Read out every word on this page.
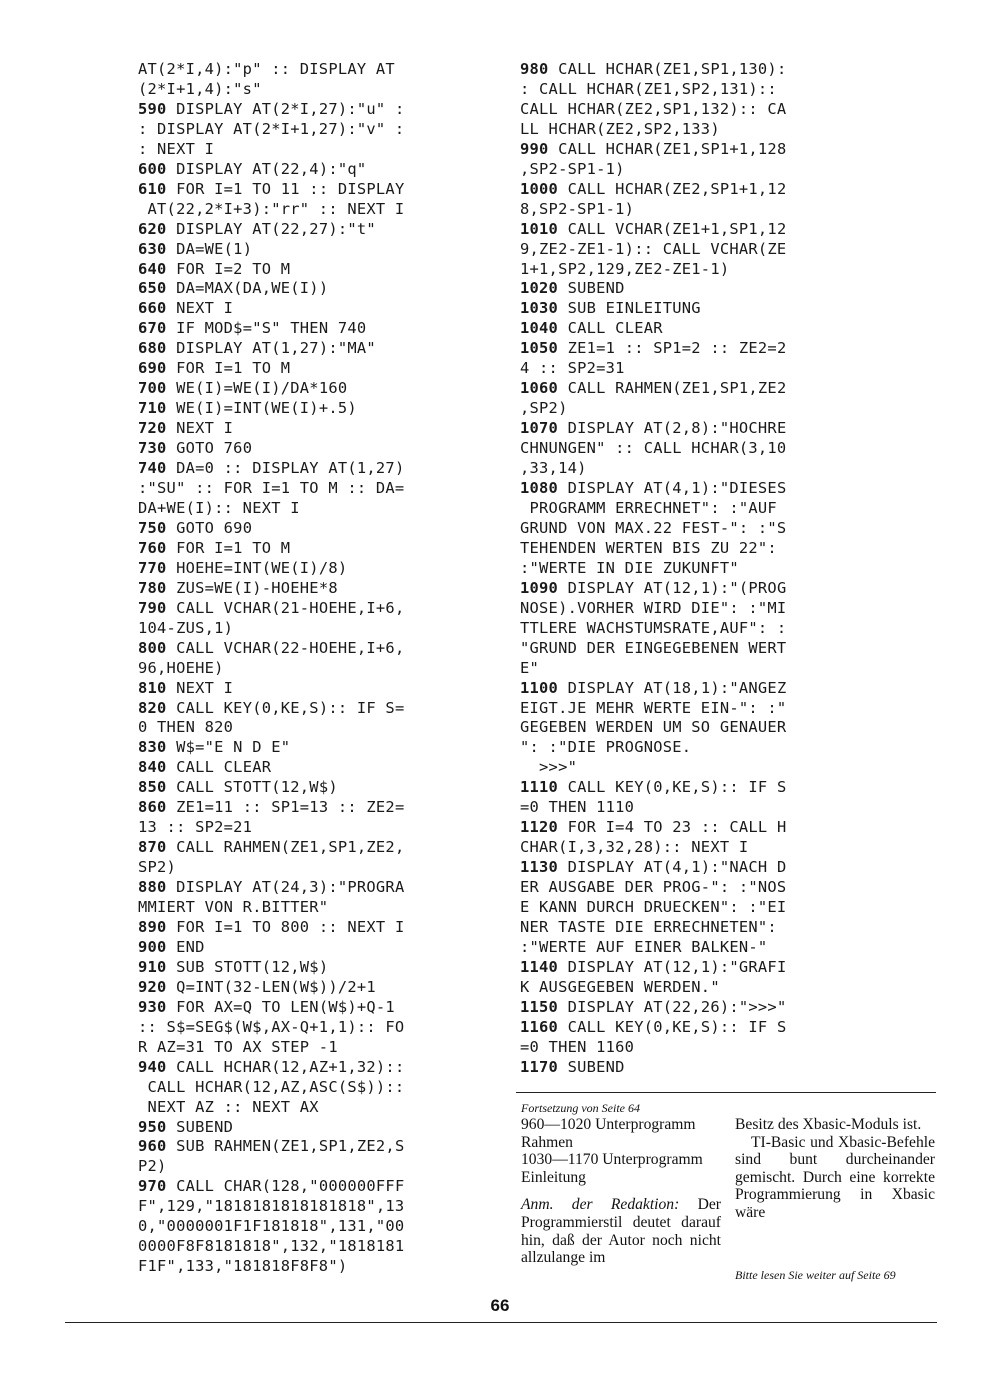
AT(2*I,4):"p" :: DISPLAY AT
(2*I+1,4):"s"
590 DISPLAY AT(2*I,27):"u" :
: DISPLAY AT(2*I+1,27):"v" :
: NEXT I
600 DISPLAY AT(22,4):"q"
610 FOR I=1 TO 11 :: DISPLAY
AT(22,2*I+3):"rr" :: NEXT I
620 DISPLAY AT(22,27):"t"
630 DA=WE(1)
640 FOR I=2 TO M
650 DA=MAX(DA,WE(I))
660 NEXT I
670 IF MOD$="S" THEN 740
680 DISPLAY AT(1,27):"MA"
690 FOR I=1 TO M
700 WE(I)=WE(I)/DA*160
710 WE(I)=INT(WE(I)+.5)
720 NEXT I
730 GOTO 760
740 DA=0 :: DISPLAY AT(1,27)
:"SU" :: FOR I=1 TO M :: DA=
DA+WE(I):: NEXT I
750 GOTO 690
760 FOR I=1 TO M
770 HOEHE=INT(WE(I)/8)
780 ZUS=WE(I)-HOEHE*8
790 CALL VCHAR(21-HOEHE,I+6,
104-ZUS,1)
800 CALL VCHAR(22-HOEHE,I+6,
96,HOEHE)
810 NEXT I
820 CALL KEY(0,KE,S):: IF S=
0 THEN 820
830 W$="E N D E"
840 CALL CLEAR
850 CALL STOTT(12,W$)
860 ZE1=11 :: SP1=13 :: ZE2=
13 :: SP2=21
870 CALL RAHMEN(ZE1,SP1,ZE2,
SP2)
880 DISPLAY AT(24,3):"PROGRA
MMIERT VON R.BITTER"
890 FOR I=1 TO 800 :: NEXT I
900 END
910 SUB STOTT(12,W$)
920 Q=INT(32-LEN(W$))/2+1
930 FOR AX=Q TO LEN(W$)+Q-1
:: S$=SEG$(W$,AX-Q+1,1):: FO
R AZ=31 TO AX STEP -1
940 CALL HCHAR(12,AZ+1,32)::
CALL HCHAR(12,AZ,ASC(S$))::
NEXT AZ :: NEXT AX
950 SUBEND
960 SUB RAHMEN(ZE1,SP1,ZE2,S
P2)
970 CALL CHAR(128,"000000FFF
F",129,"1818181818181818",13
0,"0000001F1F181818",131,"00
0000F8F8181818",132,"1818181
F1F",133,"181818F8F8")
980 CALL HCHAR(ZE1,SP1,130):
: CALL HCHAR(ZE1,SP2,131)::
CALL HCHAR(ZE2,SP1,132):: CA
LL HCHAR(ZE2,SP2,133)
990 CALL HCHAR(ZE1,SP1+1,128
,SP2-SP1-1)
1000 CALL HCHAR(ZE2,SP1+1,12
8,SP2-SP1-1)
1010 CALL VCHAR(ZE1+1,SP1,12
9,ZE2-ZE1-1):: CALL VCHAR(ZE
1+1,SP2,129,ZE2-ZE1-1)
1020 SUBEND
1030 SUB EINLEITUNG
1040 CALL CLEAR
1050 ZE1=1 :: SP1=2 :: ZE2=2
4 :: SP2=31
1060 CALL RAHMEN(ZE1,SP1,ZE2
,SP2)
1070 DISPLAY AT(2,8):"HOCHRE
CHNUNGEN" :: CALL HCHAR(3,10
,33,14)
1080 DISPLAY AT(4,1):"DIESES
PROGRAMM ERRECHNET": :"AUF
GRUND VON MAX.22 FEST-": :"S
TEHENDEN WERTEN BIS ZU 22":
:"WERTE IN DIE ZUKUNFT"
1090 DISPLAY AT(12,1):"(PROG
NOSE).VORHER WIRD DIE": :"MI
TTLERE WACHSTUMSRATE,AUF": :
"GRUND DER EINGEGEBENEN WERT
E"
1100 DISPLAY AT(18,1):"ANGEZ
EIGT.JE MEHR WERTE EIN-": :"
GEGEBEN WERDEN UM SO GENAUER
": :"DIE PROGNOSE.
>>>"
1110 CALL KEY(0,KE,S):: IF S
=0 THEN 1110
1120 FOR I=4 TO 23 :: CALL H
CHAR(I,3,32,28):: NEXT I
1130 DISPLAY AT(4,1):"NACH D
ER AUSGABE DER PROG-": :"NOS
E KANN DURCH DRUECKEN": :"EI
NER TASTE DIE ERRECHNETEN":
:"WERTE AUF EINER BALKEN-"
1140 DISPLAY AT(12,1):"GRAFI
K AUSGEGEBEN WERDEN."
1150 DISPLAY AT(22,26):">>>"
1160 CALL KEY(0,KE,S):: IF S
=0 THEN 1160
1170 SUBEND
Fortsetzung von Seite 64
960—1020 Unterprogramm Rahmen
1030—1170 Unterprogramm Einleitung
Anm. der Redaktion: Der Programmierstil deutet darauf hin, daß der Autor noch nicht allzulange im
Besitz des Xbasic-Moduls ist.
TI-Basic und Xbasic-Befehle sind bunt durcheinander gemischt. Durch eine korrekte Programmierung in Xbasic wäre
Bitte lesen Sie weiter auf Seite 69
66
